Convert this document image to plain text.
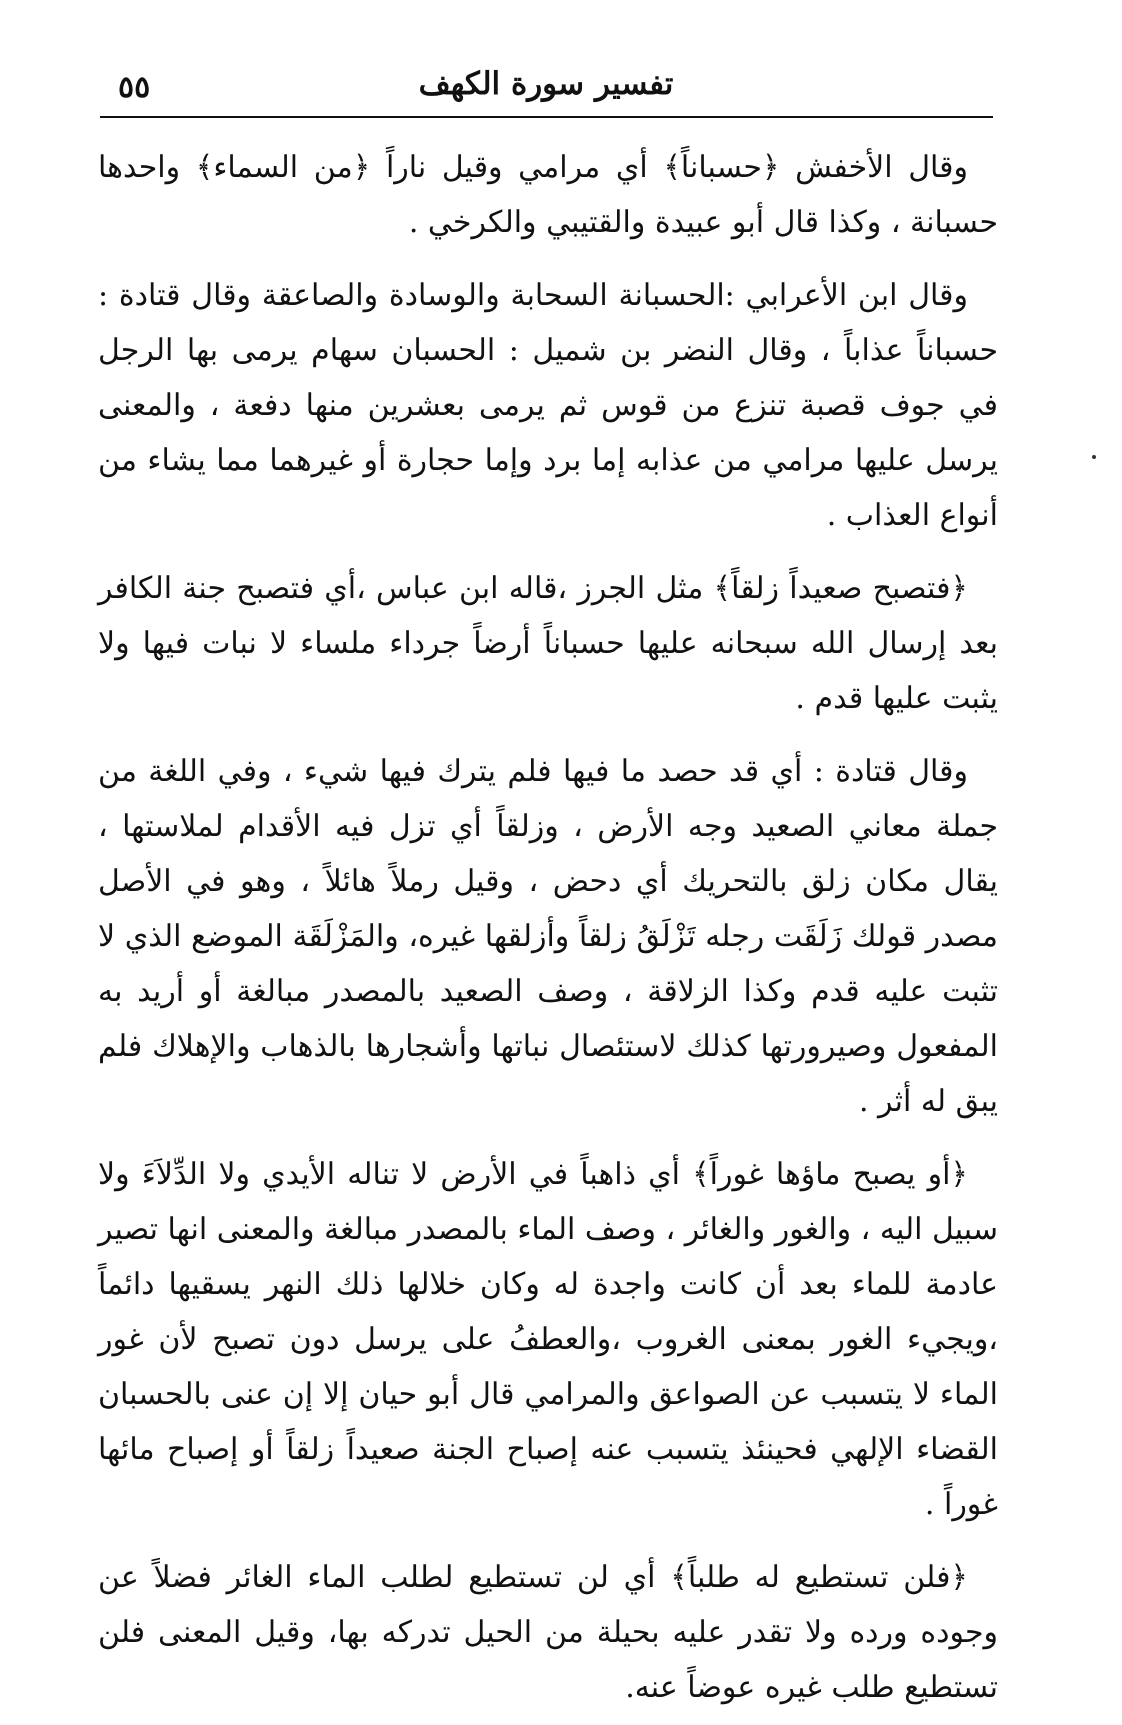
٥٥	تفسير سورة الكهف

وقال الأخفش ﴿حسباناً﴾ أي مرامي وقيل ناراً ﴿من السماء﴾ واحدها حسبانة ، وكذا قال أبو عبيدة والقتيبي والكرخي .

وقال ابن الأعرابي :الحسبانة السحابة والوسادة والصاعقة وقال قتادة : حسباناً عذاباً ، وقال النضر بن شميل : الحسبان سهام يرمى بها الرجل في جوف قصبة تنزع من قوس ثم يرمى بعشرين منها دفعة ، والمعنى يرسل عليها مرامي من عذابه إما برد وإما حجارة أو غيرهما مما يشاء من أنواع العذاب .

﴿فتصبح صعيداً زلقاً﴾ مثل الجرز ،قاله ابن عباس ،أي فتصبح جنة الكافر بعد إرسال الله سبحانه عليها حسباناً أرضاً جرداء ملساء لا نبات فيها ولا يثبت عليها قدم .

وقال قتادة : أي قد حصد ما فيها فلم يترك فيها شيء ، وفي اللغة من جملة معاني الصعيد وجه الأرض ، وزلقاً أي تزل فيه الأقدام لملاستها ، يقال مكان زلق بالتحريك أي دحض ، وقيل رملاً هائلاً ، وهو في الأصل مصدر قولك زَلَقَت رجله تَزْلَقُ زلقاً وأزلقها غيره، والمَزْلَقَة الموضع الذي لا تثبت عليه قدم وكذا الزلاقة ، وصف الصعيد بالمصدر مبالغة أو أريد به المفعول وصيرورتها كذلك لاستئصال نباتها وأشجارها بالذهاب والإهلاك فلم يبق له أثر .

﴿أو يصبح ماؤها غوراً﴾ أي ذاهباً في الأرض لا تناله الأيدي ولا الدِّلاَءَ ولا سبيل اليه ، والغور والغائر ، وصف الماء بالمصدر مبالغة والمعنى انها تصير عادمة للماء بعد أن كانت واجدة له وكان خلالها ذلك النهر يسقيها دائماً ،ويجيء الغور بمعنى الغروب ،والعطفُ على يرسل دون تصبح لأن غور الماء لا يتسبب عن الصواعق والمرامي قال أبو حيان إلا إن عنى بالحسبان القضاء الإلهي فحينئذ يتسبب عنه إصباح الجنة صعيداً زلقاً أو إصباح مائها غوراً .

﴿فلن تستطيع له طلباً﴾ أي لن تستطيع لطلب الماء الغائر فضلاً عن وجوده ورده ولا تقدر عليه بحيلة من الحيل تدركه بها، وقيل المعنى فلن تستطيع طلب غيره عوضاً عنه.
